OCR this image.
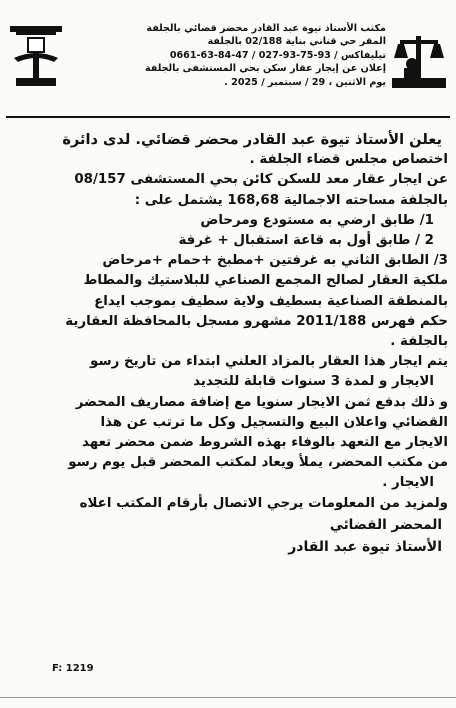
مكتب الأستاذ تيوة عبد القادر محضر قضائي بالجلفة
المقر حي قناني بناية 02/188 بالجلفة
تيليفاكس / 93-75-93-027 / 47-84-63-0661
إعلان عن إيجار عقار سكن بحي المستشفى بالجلفة
يوم الاثنين ، 29 / سبتمبر / 2025 .
يعلن الأستاذ تيوة عبد القادر محضر قضائي. لدى دائرة
اختصاص مجلس قضاء الجلفة .
عن ايجار عقار معد للسكن كائن بحي المستشفى 08/157
بالجلفة مساحته الاجمالية 168,68 يشتمل على :
1/ طابق ارضي به مستودع ومرحاض
2 / طابق أول به قاعة استقبال + غرفة
3/ الطابق الثاني به غرفتين +مطبخ +حمام +مرحاض
ملكية العقار لصالح المجمع الصناعي للبلاستيك والمطاط
بالمنطقة الصناعية بسطيف ولاية سطيف بموجب ايداع
حكم فهرس 2011/188 مشهرو مسجل بالمحافظة العقارية
بالجلفة .
يتم ايجار هذا العقار بالمزاد العلني ابتداء من تاريخ رسو
الايجار و لمدة 3 سنوات قابلة للتجديد
و ذلك بدفع ثمن الايجار سنويا مع إضافة مصاريف المحضر
القضائي واعلان البيع والتسجيل وكل ما ترتب عن هذا
الايجار مع التعهد بالوفاء بهذه الشروط ضمن محضر تعهد
من مكتب المحضر، يملأ ويعاد لمكتب المحضر قبل يوم رسو
الايجار .
ولمزيد من المعلومات يرجي الاتصال بأرقام المكتب اعلاه
المحضر القضائي
الأستاذ تيوة عبد القادر
F: 1219
